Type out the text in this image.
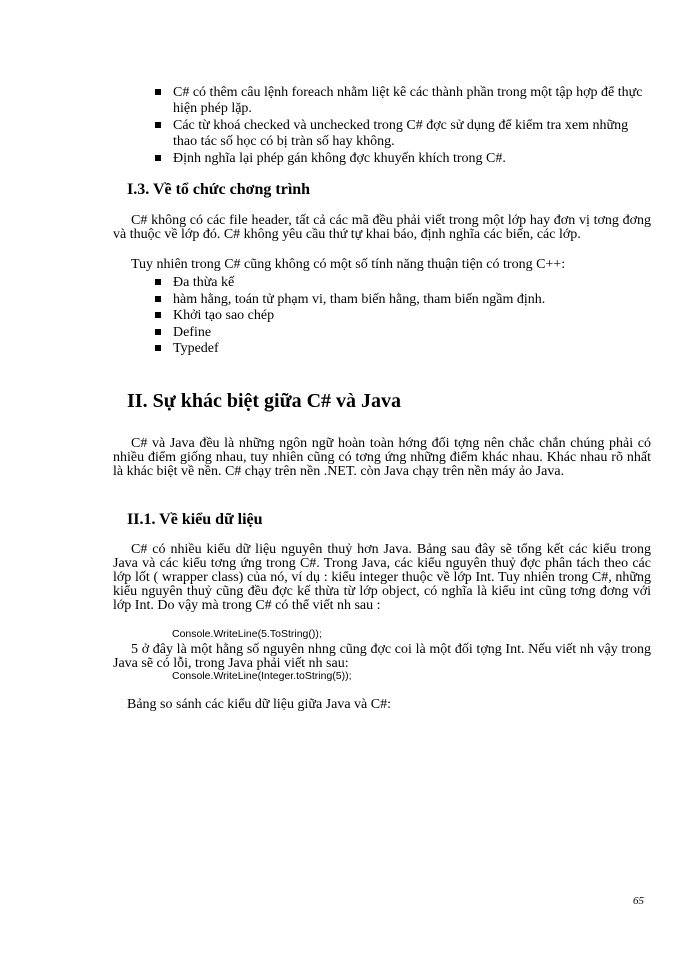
C# có thêm câu lệnh foreach nhằm liệt kê các thành phần trong một tập hợp để thực hiện phép lặp.
Các từ khoá checked và unchecked trong C# đợc sử dụng để kiểm tra xem những thao tác số học có bị tràn số hay không.
Định nghĩa lại phép gán không đợc khuyến khích trong C#.
I.3. Về tổ chức chơng trình
C# không có các file header, tất cả các mã đều phải viết trong một lớp hay đơn vị tơng đơng và thuộc về lớp đó. C# không yêu cầu thứ tự khai báo, định nghĩa các biến, các lớp.
Tuy nhiên trong C# cũng không có một số tính năng thuận tiện có trong C++:
Đa thừa kế
hàm hằng, toán tử phạm vi, tham biến hằng, tham biến ngầm định.
Khởi tạo sao chép
Define
Typedef
II. Sự khác biệt giữa C# và Java
C# và Java đều là những ngôn ngữ hoàn toàn hớng đối tợng nên chắc chắn chúng phải có nhiều điểm giống nhau, tuy nhiên cũng có tơng ứng những điểm khác nhau. Khác nhau rõ nhất là khác biệt về nền. C# chạy trên nền .NET. còn Java chạy trên nền máy ảo Java.
II.1. Về kiểu dữ liệu
C# có nhiều kiểu dữ liệu nguyên thuỷ hơn Java. Bảng sau đây sẽ tổng kết các kiểu trong Java và các kiểu tơng ứng trong C#. Trong Java, các kiểu nguyên thuỷ đợc phân tách theo các lớp lốt ( wrapper class) của nó, ví dụ : kiểu integer thuộc về lớp Int. Tuy nhiên trong C#, những kiểu nguyên thuỷ cũng đều đợc kế thừa từ lớp object, có nghĩa là kiểu int cũng tơng đơng với lớp Int. Do vậy mà trong C# có thể viết nh sau :
Console.WriteLine(5.ToString());
5 ở đây là một hằng số nguyên nhng cũng đợc coi là một đối tợng Int. Nếu viết nh vậy trong Java sẽ có lỗi, trong Java phải viết nh sau:
Console.WriteLine(Integer.toString(5));
Bảng so sánh các kiểu dữ liệu giữa Java và C#:
65
